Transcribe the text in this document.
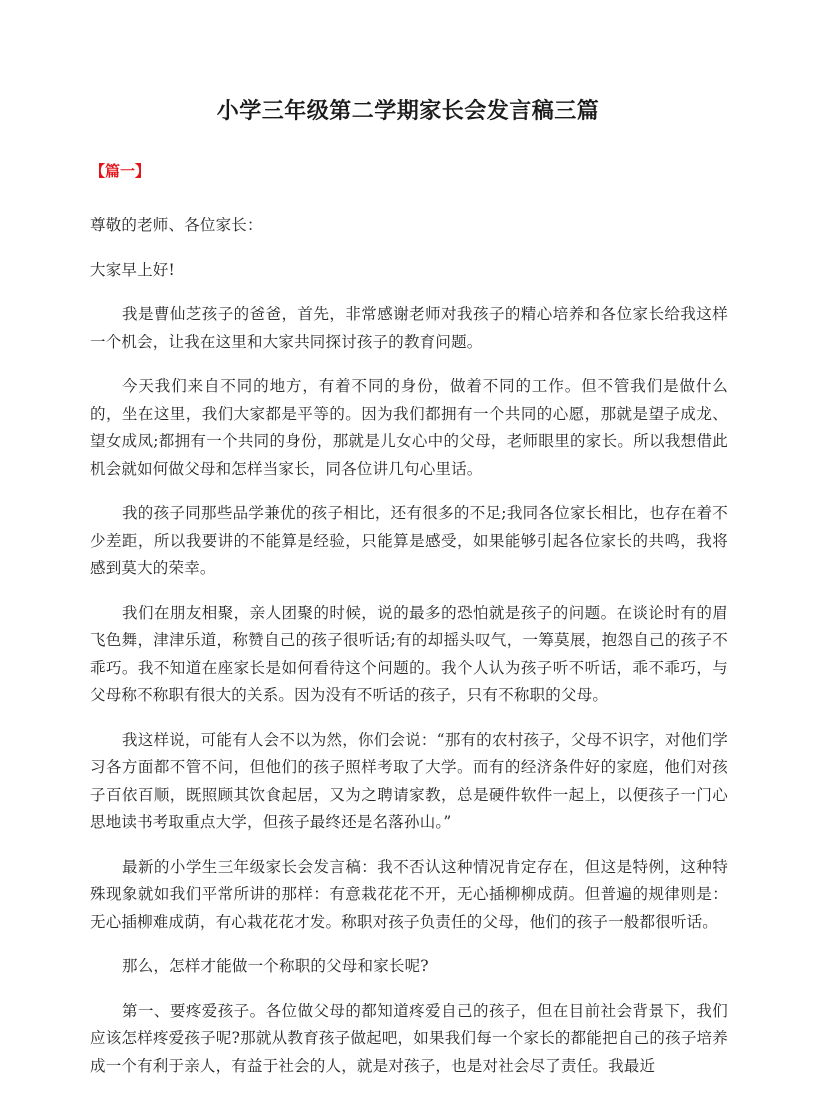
小学三年级第二学期家长会发言稿三篇
【篇一】

尊敬的老师、各位家长：

大家早上好!

我是曹仙芝孩子的爸爸，首先，非常感谢老师对我孩子的精心培养和各位家长给我这样一个机会，让我在这里和大家共同探讨孩子的教育问题。

今天我们来自不同的地方，有着不同的身份，做着不同的工作。但不管我们是做什么的，坐在这里，我们大家都是平等的。因为我们都拥有一个共同的心愿，那就是望子成龙、望女成凤;都拥有一个共同的身份，那就是儿女心中的父母，老师眼里的家长。所以我想借此机会就如何做父母和怎样当家长，同各位讲几句心里话。

我的孩子同那些品学兼优的孩子相比，还有很多的不足;我同各位家长相比，也存在着不少差距，所以我要讲的不能算是经验，只能算是感受，如果能够引起各位家长的共鸣，我将感到莫大的荣幸。

我们在朋友相聚，亲人团聚的时候，说的最多的恐怕就是孩子的问题。在谈论时有的眉飞色舞，津津乐道，称赞自己的孩子很听话;有的却摇头叹气，一筹莫展，抱怨自己的孩子不乖巧。我不知道在座家长是如何看待这个问题的。我个人认为孩子听不听话，乖不乖巧，与父母称不称职有很大的关系。因为没有不听话的孩子，只有不称职的父母。

我这样说，可能有人会不以为然，你们会说：“那有的农村孩子，父母不识字，对他们学习各方面都不管不问，但他们的孩子照样考取了大学。而有的经济条件好的家庭，他们对孩子百依百顺，既照顾其饮食起居，又为之聘请家教，总是硬件软件一起上，以便孩子一门心思地读书考取重点大学，但孩子最终还是名落孙山。”

最新的小学生三年级家长会发言稿：我不否认这种情况肯定存在，但这是特例，这种特殊现象就如我们平常所讲的那样：有意栽花花不开，无心插柳柳成荫。但普遍的规律则是：无心插柳难成荫，有心栽花花才发。称职对孩子负责任的父母，他们的孩子一般都很听话。

那么，怎样才能做一个称职的父母和家长呢?

第一、要疼爱孩子。各位做父母的都知道疼爱自己的孩子，但在目前社会背景下，我们应该怎样疼爱孩子呢?那就从教育孩子做起吧，如果我们每一个家长的都能把自己的孩子培养成一个有利于亲人，有益于社会的人，就是对孩子，也是对社会尽了责任。我最近
